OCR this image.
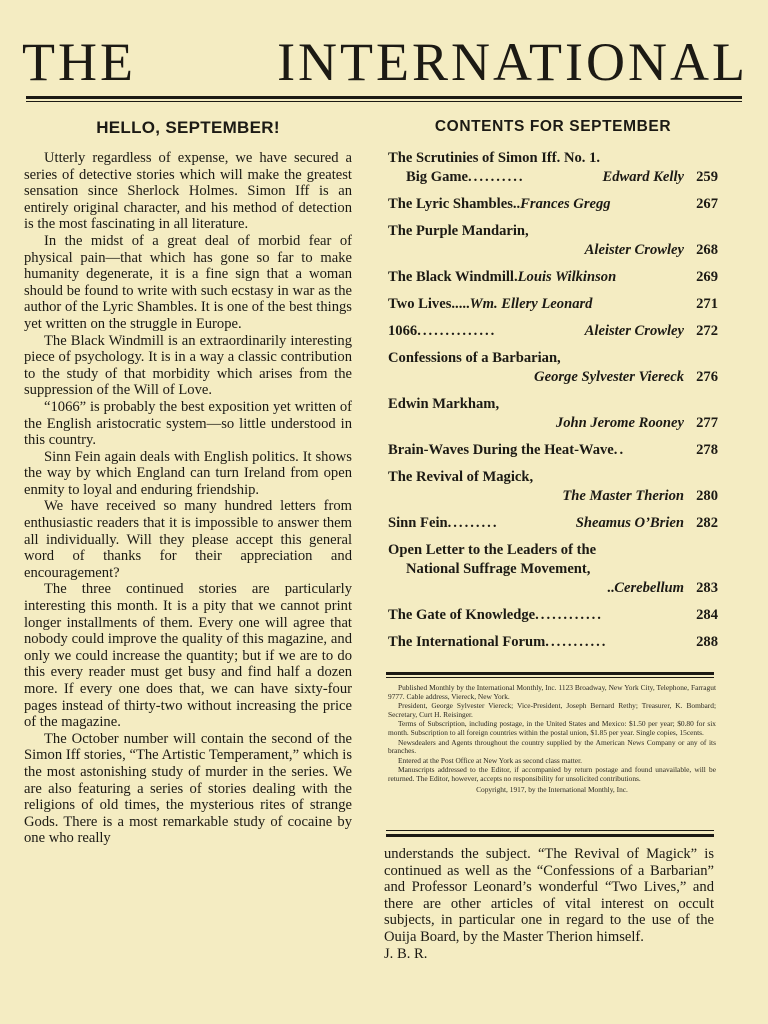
THE	INTERNATIONAL
HELLO, SEPTEMBER!

Utterly regardless of expense, we have secured a series of detective stories which will make the greatest sensation since Sherlock Holmes. Simon Iff is an entirely original character, and his method of detection is the most fascinating in all literature.

In the midst of a great deal of morbid fear of physical pain—that which has gone so far to make humanity degenerate, it is a fine sign that a woman should be found to write with such ecstasy in war as the author of the Lyric Shambles. It is one of the best things yet written on the struggle in Europe.

The Black Windmill is an extraordinarily interesting piece of psychology. It is in a way a classic contribution to the study of that morbidity which arises from the suppression of the Will of Love.

“1066” is probably the best exposition yet written of the English aristocratic system—so little understood in this country.

Sinn Fein again deals with English politics. It shows the way by which England can turn Ireland from open enmity to loyal and enduring friendship.

We have received so many hundred letters from enthusiastic readers that it is impossible to answer them all individually. Will they please accept this general word of thanks for their appreciation and encouragement?

The three continued stories are particularly interesting this month. It is a pity that we cannot print longer installments of them. Every one will agree that nobody could improve the quality of this magazine, and only we could increase the quantity; but if we are to do this every reader must get busy and find half a dozen more. If every one does that, we can have sixty-four pages instead of thirty-two without increasing the price of the magazine.

The October number will contain the second of the Simon Iff stories, “The Artistic Temperament,” which is the most astonishing study of murder in the series. We are also featuring a series of stories dealing with the religions of old times, the mysterious rites of strange Gods. There is a most remarkable study of cocaine by one who really

CONTENTS FOR SEPTEMBER
The Scrutinies of Simon Iff. No. 1.
Big Game ..........	Edward Kelly 259
The Lyric Shambles .. Frances Gregg	267
The Purple Mandarin,
Aleister Crowley 268
The Black Windmill . Louis Wilkinson	269
Two Lives ..... Wm. Ellery Leonard	271
1066 ..............	Aleister Crowley 272
Confessions of a Barbarian,
George Sylvester Viereck 276
Edwin Markham,
John Jerome Rooney 277
Brain-Waves During the Heat-Wave ..	278
The Revival of Magick,
The Master Therion 280
Sinn Fein .........	Sheamus O’Brien 282
Open Letter to the Leaders of the
National Suffrage Movement,
..Cerebellum 283
The Gate of Knowledge ............	284
The International Forum ...........	288

Published Monthly by the International Monthly, Inc. 1123 Broadway, New York City, Telephone, Farragut 9777. Cable address, Viereck, New York.

President, George Sylvester Viereck; Vice-President, Joseph Bernard Rethy; Treasurer, K. Bombard; Secretary, Curt H. Reisinger.

Terms of Subscription, including postage, in the United States and Mexico: $1.50 per year; $0.80 for six month. Subscription to all foreign countries within the postal union, $1.85 per year. Single copies, 15cents.

Newsdealers and Agents throughout the country supplied by the American News Company or any of its branches.

Entered at the Post Office at New York as second class matter.

Manuscripts addressed to the Editor, if accompanied by return postage and found unavailable, will be returned. The Editor, however, accepts no responsibility for unsolicited contributions.

Copyright, 1917, by the International Monthly, Inc.

understands the subject. “The Revival of Magick” is continued as well as the “Confessions of a Barbarian” and Professor Leonard’s wonderful “Two Lives,” and there are other articles of vital interest on occult subjects, in particular one in regard to the use of the Ouija Board, by the Master Therion himself.

J. B. R.
